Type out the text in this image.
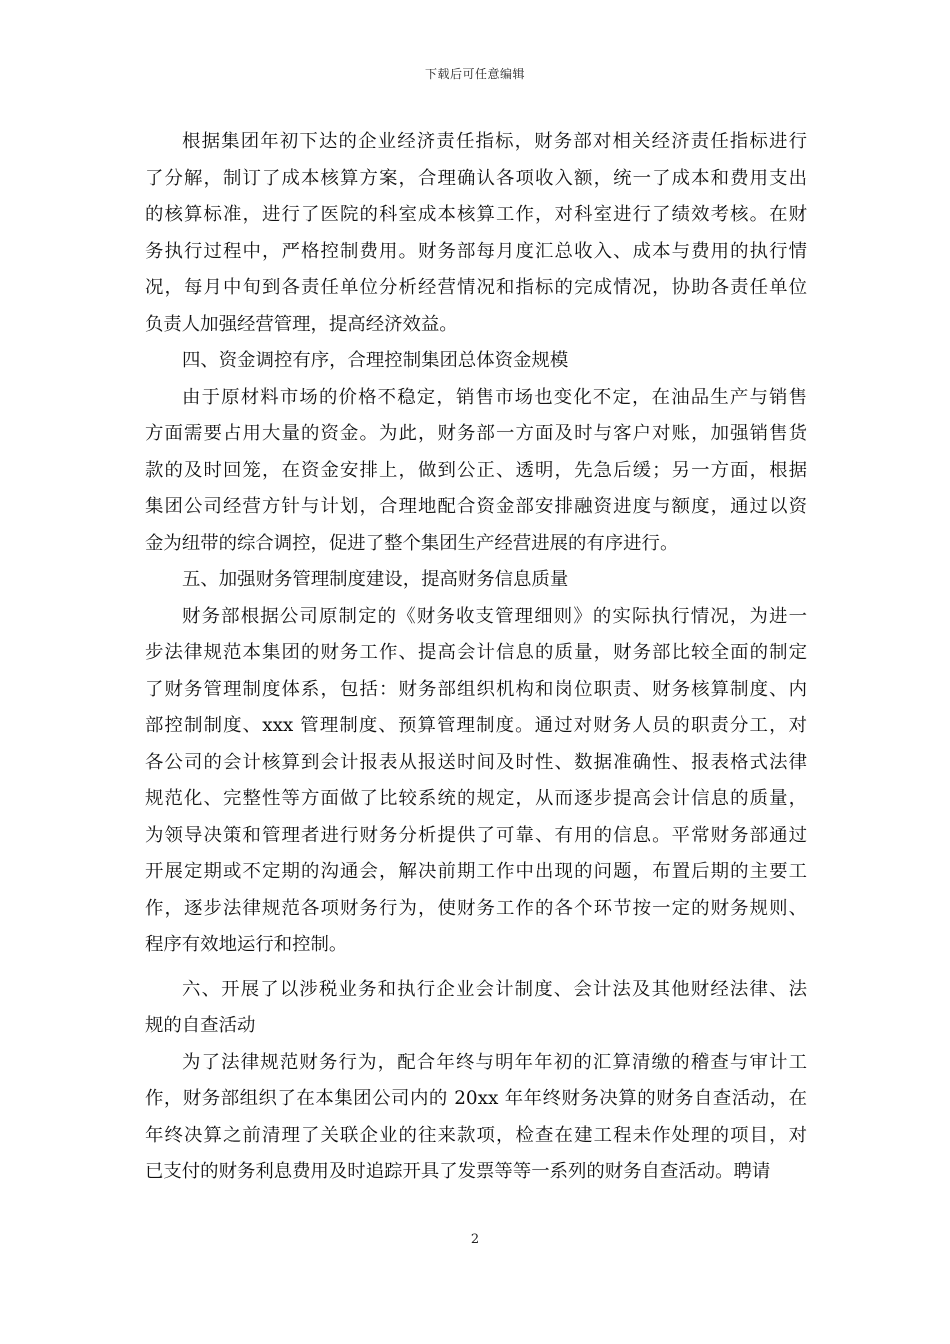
下载后可任意编辑
根据集团年初下达的企业经济责任指标，财务部对相关经济责任指标进行
了分解，制订了成本核算方案，合理确认各项收入额，统一了成本和费用支出
的核算标准，进行了医院的科室成本核算工作，对科室进行了绩效考核。在财
务执行过程中，严格控制费用。财务部每月度汇总收入、成本与费用的执行情
况，每月中旬到各责任单位分析经营情况和指标的完成情况，协助各责任单位
负责人加强经营管理，提高经济效益。
四、资金调控有序，合理控制集团总体资金规模
由于原材料市场的价格不稳定，销售市场也变化不定，在油品生产与销售
方面需要占用大量的资金。为此，财务部一方面及时与客户对账，加强销售货
款的及时回笼，在资金安排上，做到公正、透明，先急后缓；另一方面，根据
集团公司经营方针与计划，合理地配合资金部安排融资进度与额度，通过以资
金为纽带的综合调控，促进了整个集团生产经营进展的有序进行。
五、加强财务管理制度建设，提高财务信息质量
财务部根据公司原制定的《财务收支管理细则》的实际执行情况，为进一
步法律规范本集团的财务工作、提高会计信息的质量，财务部比较全面的制定
了财务管理制度体系，包括：财务部组织机构和岗位职责、财务核算制度、内
部控制制度、xxx 管理制度、预算管理制度。通过对财务人员的职责分工，对
各公司的会计核算到会计报表从报送时间及时性、数据准确性、报表格式法律
规范化、完整性等方面做了比较系统的规定，从而逐步提高会计信息的质量，
为领导决策和管理者进行财务分析提供了可靠、有用的信息。平常财务部通过
开展定期或不定期的沟通会，解决前期工作中出现的问题，布置后期的主要工
作，逐步法律规范各项财务行为，使财务工作的各个环节按一定的财务规则、
程序有效地运行和控制。
六、开展了以涉税业务和执行企业会计制度、会计法及其他财经法律、法
规的自查活动
为了法律规范财务行为，配合年终与明年年初的汇算清缴的稽查与审计工
作，财务部组织了在本集团公司内的 20xx 年年终财务决算的财务自查活动，在
年终决算之前清理了关联企业的往来款项，检查在建工程未作处理的项目，对
已支付的财务利息费用及时追踪开具了发票等等一系列的财务自查活动。聘请
2
